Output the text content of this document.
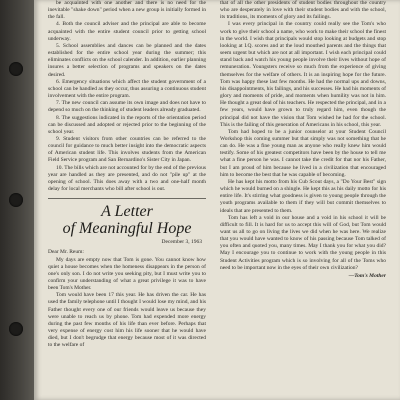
be acquainted with one another and there is no need for the inevitable "shake down" period when a new group is initially formed in the fall.

4. Both the council adviser and the principal are able to become acquainted with the entire student council prior to getting school underway.

5. School assemblies and dances can be planned and the dates established for the entire school year during the summer; this eliminates conflicts on the school calender. In addition, earlier planning insures a better selection of programs and speakers on the dates desired.

6. Emergency situations which affect the student government of a school can be handled as they occur, thus assuring a continuous student involvement with the entire program.

7. The new council can assume its own image and does not have to depend so much on the thinking of student leaders already graduated.

8. The suggestions indicated in the reports of the orientation period can be discussed and adopted or rejected prior to the beginning of the school year.

9. Student visitors from other countries can be referred to the council for guidance to much better insight into the democratic aspects of American student life. This involves students from the American Field Service program and San Bernardino's Sister City in Japan.

10. The bills which are not accounted for by the end of the previous year are handled as they are presented, and do not "pile up" at the opening of school. This does away with a two and one-half month delay for local merchants who bill after school is out.

A Letter
of Meaningful Hope
December 3, 1963

Dear Mr. Reum:

My days are empty now that Tom is gone. You cannot know how quiet a house becomes when the homeness disappears in the person of one's only son. I do not write you seeking pity, but I must write you to confirm your understanding of what a great privilege it was to have been Tom's Mother.

Tom would have been 17 this year. He has driven the car. He has used the family telephone until I thought I would lose my mind, and his Father thought every one of our friends would leave us because they were unable to reach us by phone. Tom had expended more energy during the past few months of his life than ever before. Perhaps that very expense of energy cost him his life sooner that he would have died, but I don't begrudge that energy because most of it was directed to the welfare of

that of all the other presidents of student bodies throughout the country who are desperately in love with their student bodies and with the school, its traditions, its moments of glory and its failings.

I was every principal in the country could really see the Tom's who work to give their school a name, who work to make their school the finest in the world. I wish that principals would stop looking at budgets and stop looking at I.Q. scores and at the loud mouthed parents and the things that seem urgent but which are not at all important. I wish each principal could stand back and watch his young people involve their lives without hope of remuneration. Youngsters receive so much from the experience of giving themselves for the welfare of others. It is an inspiring hope for the future. Tom was happy these last few months. He had the normal ups and downs, his disappointments, his failings, and his successes. He had his moments of glory and moments of pride, and moments when humility was not in him. He thought a great deal of his teachers. He respected the principal, and in a few years, would have grown to truly regard him, even though the principal did not have the vision that Tom wished he had for the school. This is the failing of this generation of Americans in his school, this year.

Tom had hoped to be a junior counselor at your Student Council Workshop this coming summer but that simply was not something that he can do. He was a fine young man as anyone who really knew him would testify. Some of his greatest competitors have been by the house to tell me what a fine person he was. I cannot take the credit for that nor his Father, but I am proud of him because he lived in a civilization that encouraged him to become the best that he was capable of becoming.

He has kept his motto from his Cub Scout days, a "Do Your Best" sign which he would burned on a shingle. He kept this as his daily motto for his entire life. It's stirring what goodness is given to young people through the youth programs available to them if they will but commit themselves to ideals that are presented to them.

Tom has left a void in our house and a void in his school it will be difficult to fill. It is hard for us to accept this will of God, but Tom would want us all to go on living the lives we did when he was here. We realize that you would have wanted to know of his passing because Tom talked of you often and quoted you, many times. May I thank you for what you did? May I encourage you to continue to work with the young people in this Student Activities program which is so involving for all of the Toms who need to be important now in the eyes of their own civilization?

—Tom's Mother
